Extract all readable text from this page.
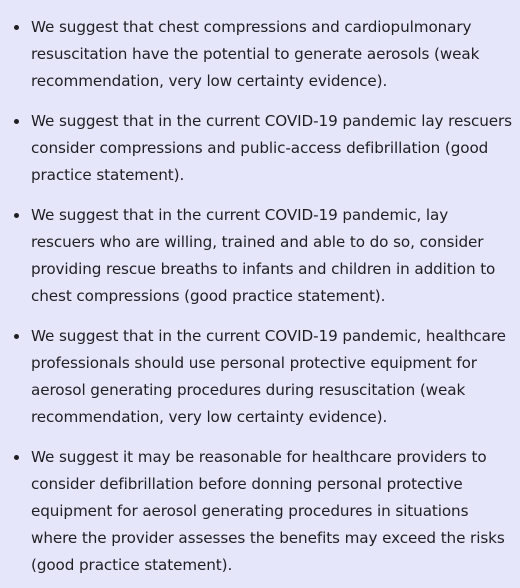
We suggest that chest compressions and cardiopulmonary resuscitation have the potential to generate aerosols (weak recommendation, very low certainty evidence).
We suggest that in the current COVID-19 pandemic lay rescuers consider compressions and public-access defibrillation (good practice statement).
We suggest that in the current COVID-19 pandemic, lay rescuers who are willing, trained and able to do so, consider providing rescue breaths to infants and children in addition to chest compressions (good practice statement).
We suggest that in the current COVID-19 pandemic, healthcare professionals should use personal protective equipment for aerosol generating procedures during resuscitation (weak recommendation, very low certainty evidence).
We suggest it may be reasonable for healthcare providers to consider defibrillation before donning personal protective equipment for aerosol generating procedures in situations where the provider assesses the benefits may exceed the risks (good practice statement).
